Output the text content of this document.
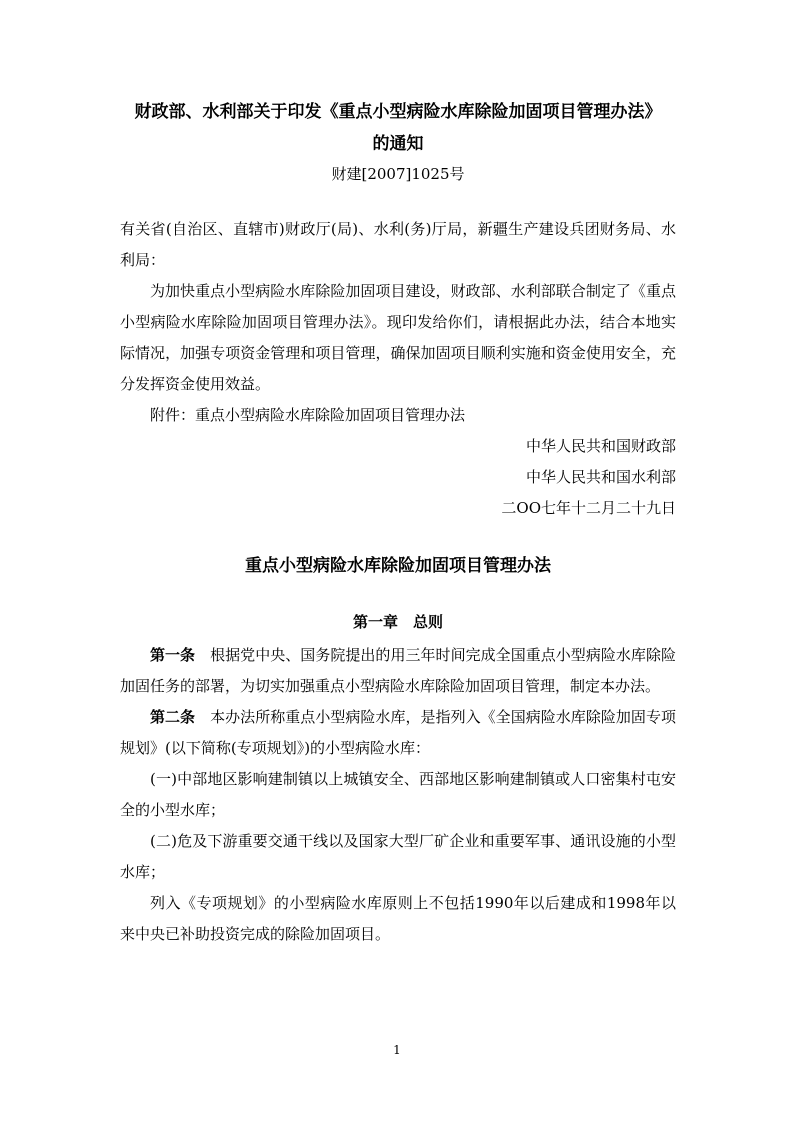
财政部、水利部关于印发《重点小型病险水库除险加固项目管理办法》
的通知
财建[2007]1025号

有关省(自治区、直辖市)财政厅(局)、水利(务)厅局，新疆生产建设兵团财务局、水利局：

为加快重点小型病险水库除险加固项目建设，财政部、水利部联合制定了《重点小型病险水库除险加固项目管理办法》。现印发给你们，请根据此办法，结合本地实际情况，加强专项资金管理和项目管理，确保加固项目顺利实施和资金使用安全，充分发挥资金使用效益。

附件：重点小型病险水库除险加固项目管理办法

中华人民共和国财政部

中华人民共和国水利部

二OO七年十二月二十九日

重点小型病险水库除险加固项目管理办法
第一章　总则

第一条　根据党中央、国务院提出的用三年时间完成全国重点小型病险水库除险加固任务的部署，为切实加强重点小型病险水库除险加固项目管理，制定本办法。

第二条　本办法所称重点小型病险水库，是指列入《全国病险水库除险加固专项规划》(以下简称(专项规划》)的小型病险水库：

(一)中部地区影响建制镇以上城镇安全、西部地区影响建制镇或人口密集村屯安全的小型水库；

(二)危及下游重要交通干线以及国家大型厂矿企业和重要军事、通讯设施的小型水库；

列入《专项规划》的小型病险水库原则上不包括1990年以后建成和1998年以来中央已补助投资完成的除险加固项目。

1
